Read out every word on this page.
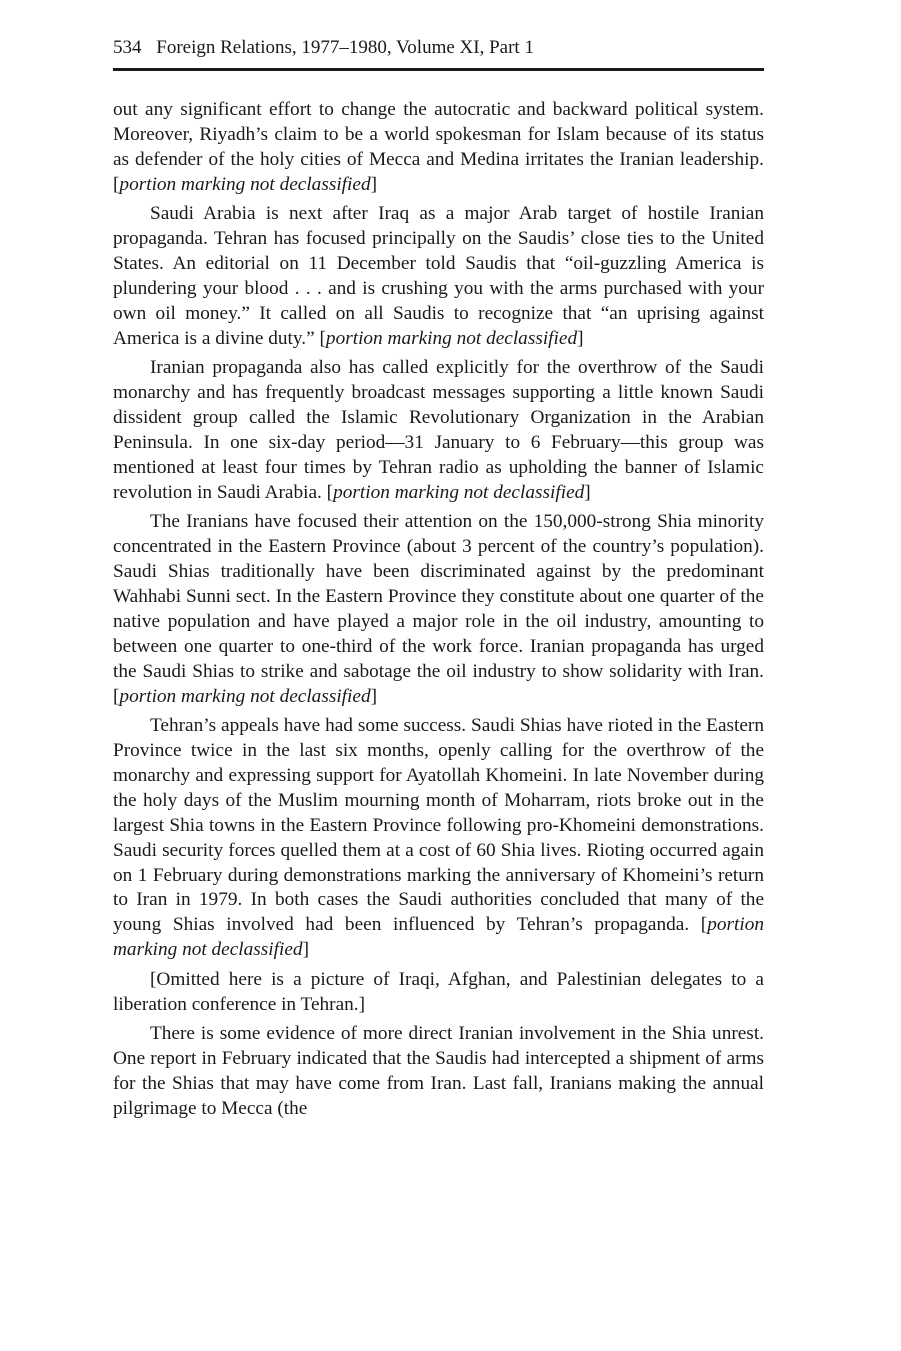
534 Foreign Relations, 1977–1980, Volume XI, Part 1

out any significant effort to change the autocratic and backward political system. Moreover, Riyadh’s claim to be a world spokesman for Islam because of its status as defender of the holy cities of Mecca and Medina irritates the Iranian leadership. [portion marking not declassified]

Saudi Arabia is next after Iraq as a major Arab target of hostile Iranian propaganda. Tehran has focused principally on the Saudis’ close ties to the United States. An editorial on 11 December told Saudis that “oil-guzzling America is plundering your blood . . . and is crushing you with the arms purchased with your own oil money.” It called on all Saudis to recognize that “an uprising against America is a divine duty.” [portion marking not declassified]

Iranian propaganda also has called explicitly for the overthrow of the Saudi monarchy and has frequently broadcast messages supporting a little known Saudi dissident group called the Islamic Revolutionary Organization in the Arabian Peninsula. In one six-day period—31 January to 6 February—this group was mentioned at least four times by Tehran radio as upholding the banner of Islamic revolution in Saudi Arabia. [portion marking not declassified]

The Iranians have focused their attention on the 150,000-strong Shia minority concentrated in the Eastern Province (about 3 percent of the country’s population). Saudi Shias traditionally have been discriminated against by the predominant Wahhabi Sunni sect. In the Eastern Province they constitute about one quarter of the native population and have played a major role in the oil industry, amounting to between one quarter to one-third of the work force. Iranian propaganda has urged the Saudi Shias to strike and sabotage the oil industry to show solidarity with Iran. [portion marking not declassified]

Tehran’s appeals have had some success. Saudi Shias have rioted in the Eastern Province twice in the last six months, openly calling for the overthrow of the monarchy and expressing support for Ayatollah Khomeini. In late November during the holy days of the Muslim mourning month of Moharram, riots broke out in the largest Shia towns in the Eastern Province following pro-Khomeini demonstrations. Saudi security forces quelled them at a cost of 60 Shia lives. Rioting occurred again on 1 February during demonstrations marking the anniversary of Khomeini’s return to Iran in 1979. In both cases the Saudi authorities concluded that many of the young Shias involved had been influenced by Tehran’s propaganda. [portion marking not declassified]

[Omitted here is a picture of Iraqi, Afghan, and Palestinian delegates to a liberation conference in Tehran.]

There is some evidence of more direct Iranian involvement in the Shia unrest. One report in February indicated that the Saudis had intercepted a shipment of arms for the Shias that may have come from Iran. Last fall, Iranians making the annual pilgrimage to Mecca (the
